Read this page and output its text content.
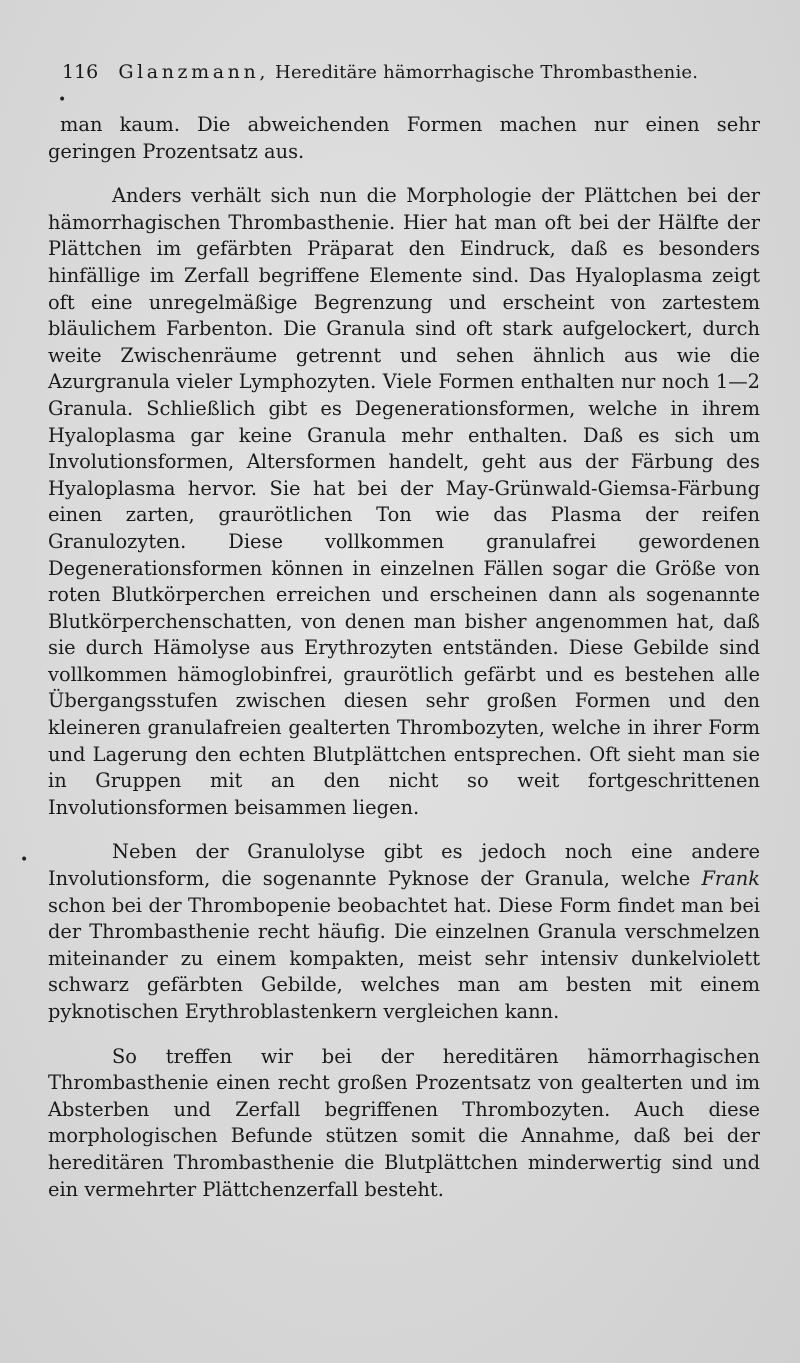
116 Glanzmann, Hereditäre hämorrhagische Thrombasthenie.

man kaum. Die abweichenden Formen machen nur einen sehr geringen Prozentsatz aus.

Anders verhält sich nun die Morphologie der Plättchen bei der hämorrhagischen Thrombasthenie. Hier hat man oft bei der Hälfte der Plättchen im gefärbten Präparat den Eindruck, daß es besonders hinfällige im Zerfall begriffene Elemente sind. Das Hyaloplasma zeigt oft eine unregelmäßige Begrenzung und erscheint von zartestem bläulichem Farbenton. Die Granula sind oft stark aufgelockert, durch weite Zwischenräume getrennt und sehen ähnlich aus wie die Azurgranula vieler Lymphozyten. Viele Formen enthalten nur noch 1—2 Granula. Schließlich gibt es Degenerationsformen, welche in ihrem Hyaloplasma gar keine Granula mehr enthalten. Daß es sich um Involutionsformen, Altersformen handelt, geht aus der Färbung des Hyaloplasma hervor. Sie hat bei der May-Grünwald-Giemsa-Färbung einen zarten, graurötlichen Ton wie das Plasma der reifen Granulozyten. Diese vollkommen granulafrei gewordenen Degenerationsformen können in einzelnen Fällen sogar die Größe von roten Blutkörperchen erreichen und erscheinen dann als sogenannte Blutkörperchenschatten, von denen man bisher angenommen hat, daß sie durch Hämolyse aus Erythrozyten entständen. Diese Gebilde sind vollkommen hämoglobinfrei, graurötlich gefärbt und es bestehen alle Übergangsstufen zwischen diesen sehr großen Formen und den kleineren granulafreien gealterten Thrombozyten, welche in ihrer Form und Lagerung den echten Blutplättchen entsprechen. Oft sieht man sie in Gruppen mit an den nicht so weit fortgeschrittenen Involutionsformen beisammen liegen.

Neben der Granulolyse gibt es jedoch noch eine andere Involutionsform, die sogenannte Pyknose der Granula, welche Frank schon bei der Thrombopenie beobachtet hat. Diese Form findet man bei der Thrombasthenie recht häufig. Die einzelnen Granula verschmelzen miteinander zu einem kompakten, meist sehr intensiv dunkelviolett schwarz gefärbten Gebilde, welches man am besten mit einem pyknotischen Erythroblastenkern vergleichen kann.

So treffen wir bei der hereditären hämorrhagischen Thrombasthenie einen recht großen Prozentsatz von gealterten und im Absterben und Zerfall begriffenen Thrombozyten. Auch diese morphologischen Befunde stützen somit die Annahme, daß bei der hereditären Thrombasthenie die Blutplättchen minderwertig sind und ein vermehrter Plättchenzerfall besteht.

•
•
